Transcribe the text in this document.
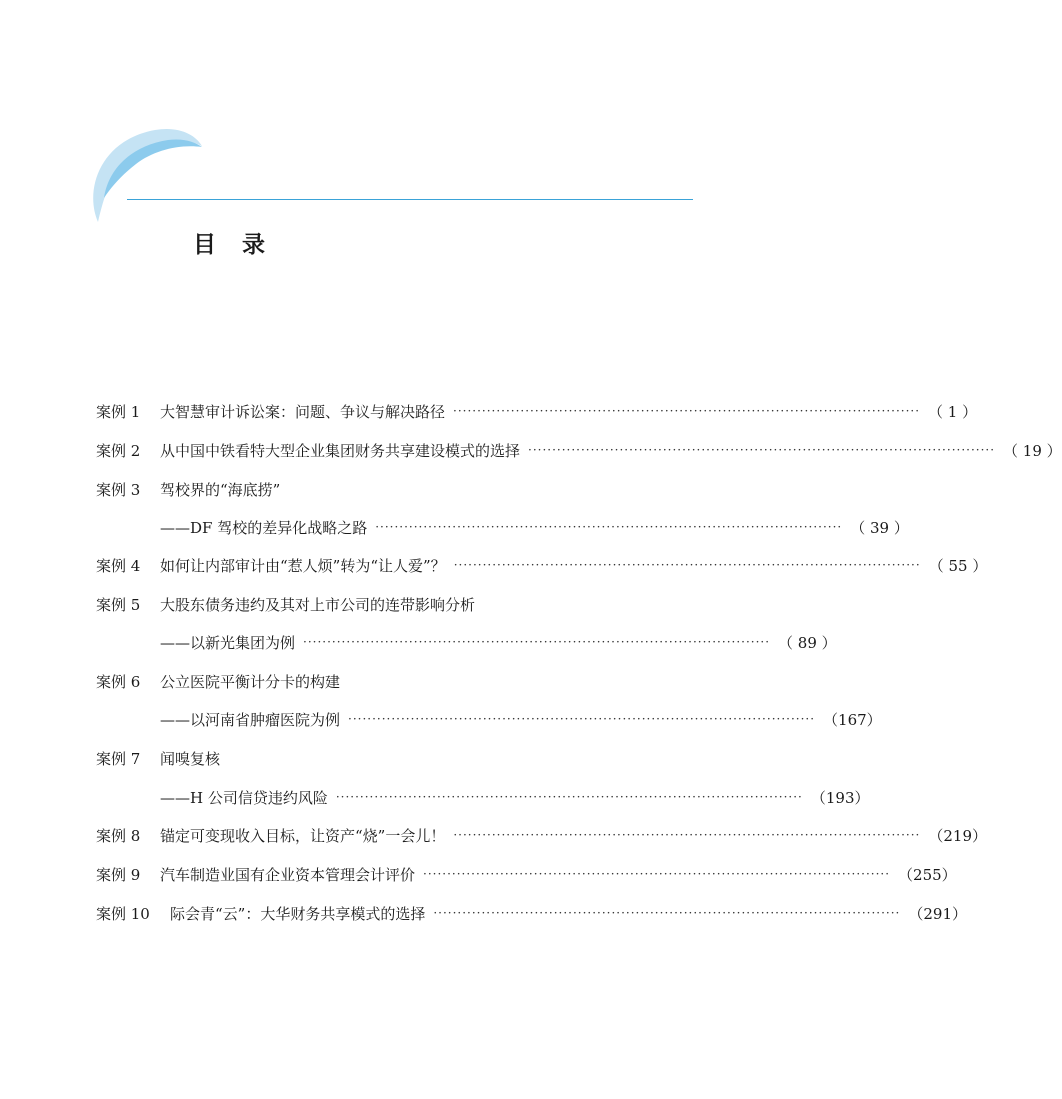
目录
案例 1	大智慧审计诉讼案：问题、争议与解决路径 ································································································· （ 1 ）
案例 2	从中国中铁看特大型企业集团财务共享建设模式的选择 ································································································· （ 19 ）
案例 3	驾校界的“海底捞”
——DF 驾校的差异化战略之路 ································································································· （ 39 ）
案例 4	如何让内部审计由“惹人烦”转为“让人爱”？ ································································································· （ 55 ）
案例 5	大股东债务违约及其对上市公司的连带影响分析
——以新光集团为例 ································································································· （ 89 ）
案例 6	公立医院平衡计分卡的构建
——以河南省肿瘤医院为例 ································································································· （167）
案例 7	闻嗅复核
——H 公司信贷违约风险 ································································································· （193）
案例 8	锚定可变现收入目标，让资产“烧”一会儿！ ································································································· （219）
案例 9	汽车制造业国有企业资本管理会计评价 ································································································· （255）
案例 10	际会青“云”：大华财务共享模式的选择 ································································································· （291）
